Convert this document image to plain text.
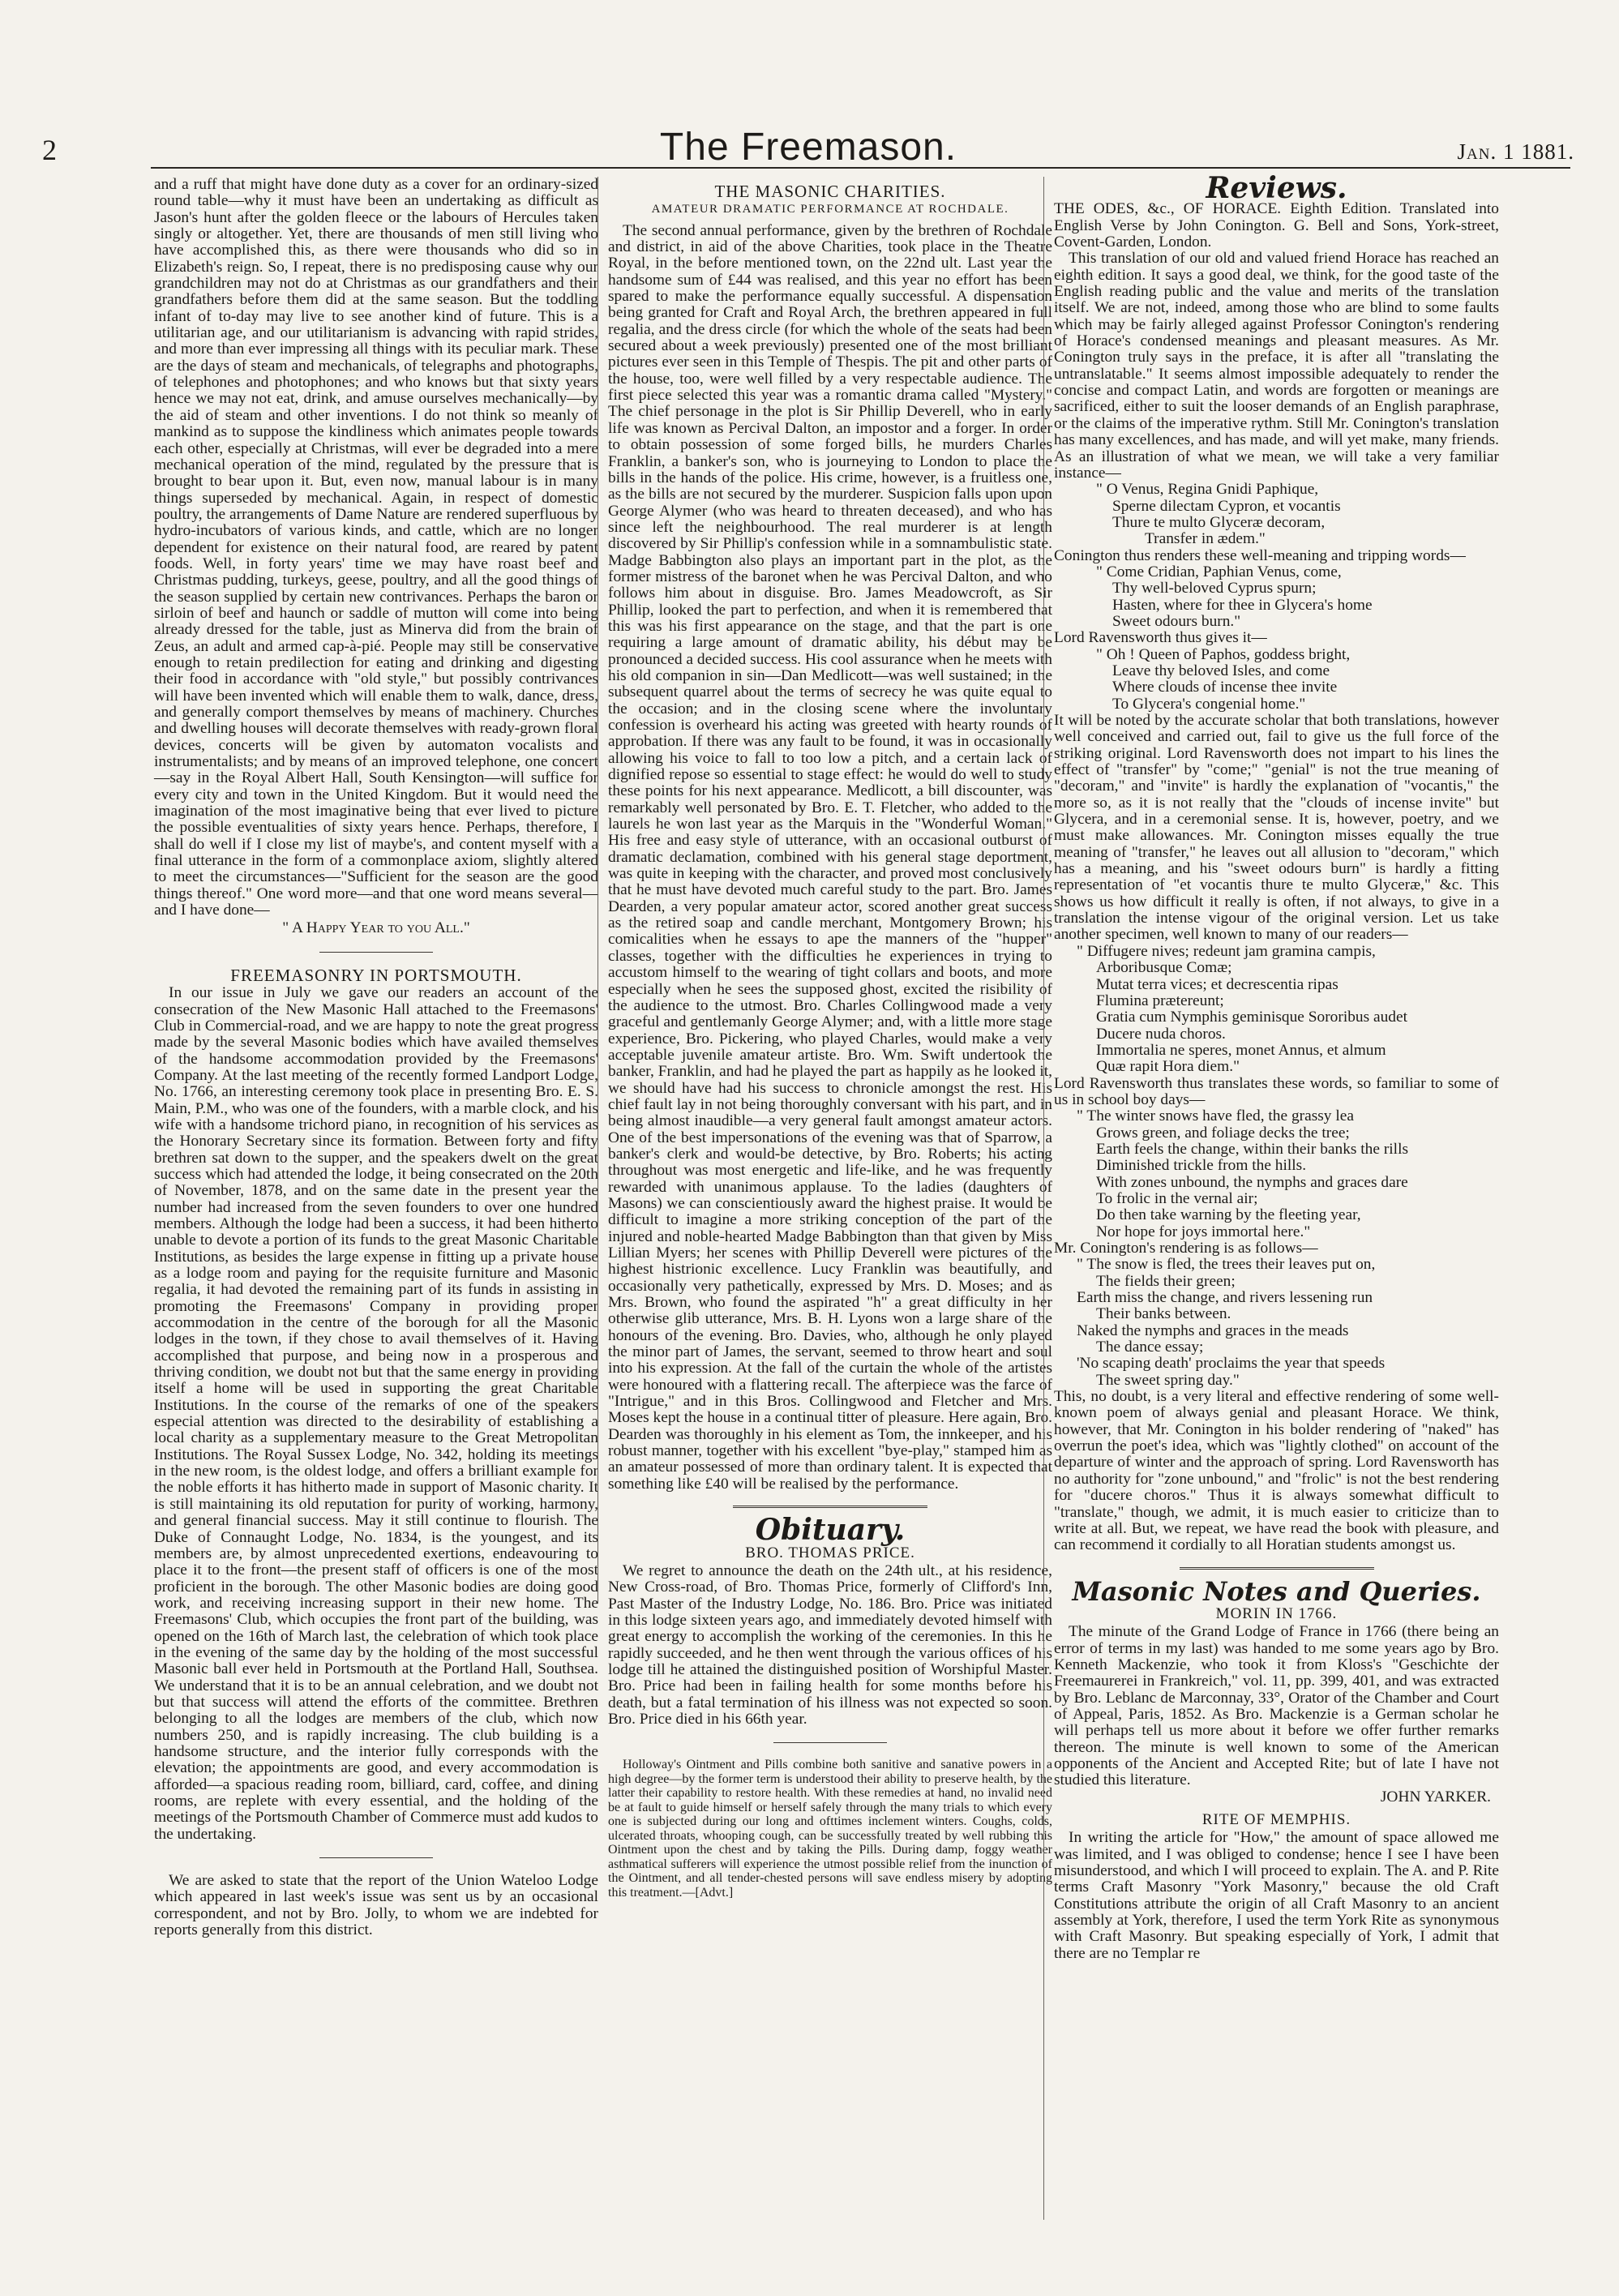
2	The Freemason.	Jan. 1 1881.

and a ruff that might have done duty as a cover for an ordinary-sized round table—why it must have been an undertaking as difficult as Jason's hunt after the golden fleece or the labours of Hercules taken singly or altogether. Yet, there are thousands of men still living who have accomplished this, as there were thousands who did so in Elizabeth's reign. So, I repeat, there is no predisposing cause why our grandchildren may not do at Christmas as our grandfathers and their grandfathers before them did at the same season. But the toddling infant of to-day may live to see another kind of future. This is a utilitarian age, and our utilitarianism is advancing with rapid strides, and more than ever impressing all things with its peculiar mark. These are the days of steam and mechanicals, of telegraphs and photographs, of telephones and photophones; and who knows but that sixty years hence we may not eat, drink, and amuse ourselves mechanically—by the aid of steam and other inventions. I do not think so meanly of mankind as to suppose the kindliness which animates people towards each other, especially at Christmas, will ever be degraded into a mere mechanical operation of the mind, regulated by the pressure that is brought to bear upon it. But, even now, manual labour is in many things superseded by mechanical. Again, in respect of domestic poultry, the arrangements of Dame Nature are rendered superfluous by hydro-incubators of various kinds, and cattle, which are no longer dependent for existence on their natural food, are reared by patent foods. Well, in forty years' time we may have roast beef and Christmas pudding, turkeys, geese, poultry, and all the good things of the season supplied by certain new contrivances. Perhaps the baron or sirloin of beef and haunch or saddle of mutton will come into being already dressed for the table, just as Minerva did from the brain of Zeus, an adult and armed cap-à-pié. People may still be conservative enough to retain predilection for eating and drinking and digesting their food in accordance with "old style," but possibly contrivances will have been invented which will enable them to walk, dance, dress, and generally comport themselves by means of machinery. Churches and dwelling houses will decorate themselves with ready-grown floral devices, concerts will be given by automaton vocalists and instrumentalists; and by means of an improved telephone, one concert—say in the Royal Albert Hall, South Kensington—will suffice for every city and town in the United Kingdom. But it would need the imagination of the most imaginative being that ever lived to picture the possible eventualities of sixty years hence. Perhaps, therefore, I shall do well if I close my list of maybe's, and content myself with a final utterance in the form of a commonplace axiom, slightly altered to meet the circumstances—"Sufficient for the season are the good things thereof." One word more—and that one word means several—and I have done—

" A Happy Year to you All."

FREEMASONRY IN PORTSMOUTH.

In our issue in July we gave our readers an account of the consecration of the New Masonic Hall attached to the Freemasons' Club in Commercial-road, and we are happy to note the great progress made by the several Masonic bodies which have availed themselves of the handsome accommodation provided by the Freemasons' Company. At the last meeting of the recently formed Landport Lodge, No. 1766, an interesting ceremony took place in presenting Bro. E. S. Main, P.M., who was one of the founders, with a marble clock, and his wife with a handsome trichord piano, in recognition of his services as the Honorary Secretary since its formation. Between forty and fifty brethren sat down to the supper, and the speakers dwelt on the great success which had attended the lodge, it being consecrated on the 20th of November, 1878, and on the same date in the present year the number had increased from the seven founders to over one hundred members. Although the lodge had been a success, it had been hitherto unable to devote a portion of its funds to the great Masonic Charitable Institutions, as besides the large expense in fitting up a private house as a lodge room and paying for the requisite furniture and Masonic regalia, it had devoted the remaining part of its funds in assisting in promoting the Freemasons' Company in providing proper accommodation in the centre of the borough for all the Masonic lodges in the town, if they chose to avail themselves of it. Having accomplished that purpose, and being now in a prosperous and thriving condition, we doubt not but that the same energy in providing itself a home will be used in supporting the great Charitable Institutions. In the course of the remarks of one of the speakers especial attention was directed to the desirability of establishing a local charity as a supplementary measure to the Great Metropolitan Institutions. The Royal Sussex Lodge, No. 342, holding its meetings in the new room, is the oldest lodge, and offers a brilliant example for the noble efforts it has hitherto made in support of Masonic charity. It is still maintaining its old reputation for purity of working, harmony, and general financial success. May it still continue to flourish. The Duke of Connaught Lodge, No. 1834, is the youngest, and its members are, by almost unprecedented exertions, endeavouring to place it to the front—the present staff of officers is one of the most proficient in the borough. The other Masonic bodies are doing good work, and receiving increasing support in their new home. The Freemasons' Club, which occupies the front part of the building, was opened on the 16th of March last, the celebration of which took place in the evening of the same day by the holding of the most successful Masonic ball ever held in Portsmouth at the Portland Hall, Southsea. We understand that it is to be an annual celebration, and we doubt not but that success will attend the efforts of the committee. Brethren belonging to all the lodges are members of the club, which now numbers 250, and is rapidly increasing. The club building is a handsome structure, and the interior fully corresponds with the elevation; the appointments are good, and every accommodation is afforded—a spacious reading room, billiard, card, coffee, and dining rooms, are replete with every essential, and the holding of the meetings of the Portsmouth Chamber of Commerce must add kudos to the undertaking.

We are asked to state that the report of the Union Wateloo Lodge which appeared in last week's issue was sent us by an occasional correspondent, and not by Bro. Jolly, to whom we are indebted for reports generally from this district.

THE MASONIC CHARITIES.
AMATEUR DRAMATIC PERFORMANCE AT ROCHDALE.

The second annual performance, given by the brethren of Rochdale and district, in aid of the above Charities, took place in the Theatre Royal, in the before mentioned town, on the 22nd ult. Last year the handsome sum of £44 was realised, and this year no effort has been spared to make the performance equally successful. A dispensation being granted for Craft and Royal Arch, the brethren appeared in full regalia, and the dress circle (for which the whole of the seats had been secured about a week previously) presented one of the most brilliant pictures ever seen in this Temple of Thespis. The pit and other parts of the house, too, were well filled by a very respectable audience. The first piece selected this year was a romantic drama called "Mystery." The chief personage in the plot is Sir Phillip Deverell, who in early life was known as Percival Dalton, an impostor and a forger. In order to obtain possession of some forged bills, he murders Charles Franklin, a banker's son, who is journeying to London to place the bills in the hands of the police. His crime, however, is a fruitless one, as the bills are not secured by the murderer. Suspicion falls upon upon George Alymer (who was heard to threaten deceased), and who has since left the neighbourhood. The real murderer is at length discovered by Sir Phillip's confession while in a somnambulistic state. Madge Babbington also plays an important part in the plot, as the former mistress of the baronet when he was Percival Dalton, and who follows him about in disguise. Bro. James Meadowcroft, as Sir Phillip, looked the part to perfection, and when it is remembered that this was his first appearance on the stage, and that the part is one requiring a large amount of dramatic ability, his début may be pronounced a decided success. His cool assurance when he meets with his old companion in sin—Dan Medlicott—was well sustained; in the subsequent quarrel about the terms of secrecy he was quite equal to the occasion; and in the closing scene where the involuntary confession is overheard his acting was greeted with hearty rounds of approbation. If there was any fault to be found, it was in occasionally allowing his voice to fall to too low a pitch, and a certain lack of dignified repose so essential to stage effect: he would do well to study these points for his next appearance. Medlicott, a bill discounter, was remarkably well personated by Bro. E. T. Fletcher, who added to the laurels he won last year as the Marquis in the "Wonderful Woman." His free and easy style of utterance, with an occasional outburst of dramatic declamation, combined with his general stage deportment, was quite in keeping with the character, and proved most conclusively that he must have devoted much careful study to the part. Bro. James Dearden, a very popular amateur actor, scored another great success as the retired soap and candle merchant, Montgomery Brown; his comicalities when he essays to ape the manners of the "hupper" classes, together with the difficulties he experiences in trying to accustom himself to the wearing of tight collars and boots, and more especially when he sees the supposed ghost, excited the risibility of the audience to the utmost. Bro. Charles Collingwood made a very graceful and gentlemanly George Alymer; and, with a little more stage experience, Bro. Pickering, who played Charles, would make a very acceptable juvenile amateur artiste. Bro. Wm. Swift undertook the banker, Franklin, and had he played the part as happily as he looked it, we should have had his success to chronicle amongst the rest. His chief fault lay in not being thoroughly conversant with his part, and in being almost inaudible—a very general fault amongst amateur actors. One of the best impersonations of the evening was that of Sparrow, a banker's clerk and would-be detective, by Bro. Roberts; his acting throughout was most energetic and life-like, and he was frequently rewarded with unanimous applause. To the ladies (daughters of Masons) we can conscientiously award the highest praise. It would be difficult to imagine a more striking conception of the part of the injured and noble-hearted Madge Babbington than that given by Miss Lillian Myers; her scenes with Phillip Deverell were pictures of the highest histrionic excellence. Lucy Franklin was beautifully, and occasionally very pathetically, expressed by Mrs. D. Moses; and as Mrs. Brown, who found the aspirated "h" a great difficulty in her otherwise glib utterance, Mrs. B. H. Lyons won a large share of the honours of the evening. Bro. Davies, who, although he only played the minor part of James, the servant, seemed to throw heart and soul into his expression. At the fall of the curtain the whole of the artistes were honoured with a flattering recall. The afterpiece was the farce of "Intrigue," and in this Bros. Collingwood and Fletcher and Mrs. Moses kept the house in a continual titter of pleasure. Here again, Bro. Dearden was thoroughly in his element as Tom, the innkeeper, and his robust manner, together with his excellent "bye-play," stamped him as an amateur possessed of more than ordinary talent. It is expected that something like £40 will be realised by the performance.

Obituary.
BRO. THOMAS PRICE.

We regret to announce the death on the 24th ult., at his residence, New Cross-road, of Bro. Thomas Price, formerly of Clifford's Inn, Past Master of the Industry Lodge, No. 186. Bro. Price was initiated in this lodge sixteen years ago, and immediately devoted himself with great energy to accomplish the working of the ceremonies. In this he rapidly succeeded, and he then went through the various offices of his lodge till he attained the distinguished position of Worshipful Master. Bro. Price had been in failing health for some months before his death, but a fatal termination of his illness was not expected so soon. Bro. Price died in his 66th year.

Holloway's Ointment and Pills combine both sanitive and sanative powers in a high degree—by the former term is understood their ability to preserve health, by the latter their capability to restore health. With these remedies at hand, no invalid need be at fault to guide himself or herself safely through the many trials to which every one is subjected during our long and ofttimes inclement winters. Coughs, colds, ulcerated throats, whooping cough, can be successfully treated by well rubbing this Ointment upon the chest and by taking the Pills. During damp, foggy weather asthmatical sufferers will experience the utmost possible relief from the inunction of the Ointment, and all tender-chested persons will save endless misery by adopting this treatment.—[Advt.]

Reviews.

THE ODES, &c., OF HORACE. Eighth Edition. Translated into English Verse by John Conington. G. Bell and Sons, York-street, Covent-Garden, London.

This translation of our old and valued friend Horace has reached an eighth edition. It says a good deal, we think, for the good taste of the English reading public and the value and merits of the translation itself. We are not, indeed, among those who are blind to some faults which may be fairly alleged against Professor Conington's rendering of Horace's condensed meanings and pleasant measures. As Mr. Conington truly says in the preface, it is after all "translating the untranslatable." It seems almost impossible adequately to render the concise and compact Latin, and words are forgotten or meanings are sacrificed, either to suit the looser demands of an English paraphrase, or the claims of the imperative rythm. Still Mr. Conington's translation has many excellences, and has made, and will yet make, many friends. As an illustration of what we mean, we will take a very familiar instance—

" O Venus, Regina Gnidi Paphique,
Sperne dilectam Cypron, et vocantis
Thure te multo Glyceræ decoram,
Transfer in ædem."

Conington thus renders these well-meaning and tripping words—

" Come Cridian, Paphian Venus, come,
Thy well-beloved Cyprus spurn;
Hasten, where for thee in Glycera's home
Sweet odours burn."

Lord Ravensworth thus gives it—

" Oh ! Queen of Paphos, goddess bright,
Leave thy beloved Isles, and come
Where clouds of incense thee invite
To Glycera's congenial home."

It will be noted by the accurate scholar that both translations, however well conceived and carried out, fail to give us the full force of the striking original. Lord Ravensworth does not impart to his lines the effect of "transfer" by "come;" "genial" is not the true meaning of "decoram," and "invite" is hardly the explanation of "vocantis," the more so, as it is not really that the "clouds of incense invite" but Glycera, and in a ceremonial sense. It is, however, poetry, and we must make allowances. Mr. Conington misses equally the true meaning of "transfer," he leaves out all allusion to "decoram," which has a meaning, and his "sweet odours burn" is hardly a fitting representation of "et vocantis thure te multo Glyceræ," &c. This shows us how difficult it really is often, if not always, to give in a translation the intense vigour of the original version. Let us take another specimen, well known to many of our readers—

" Diffugere nives; redeunt jam gramina campis,
Arboribusque Comæ;
Mutat terra vices; et decrescentia ripas
Flumina prætereunt;
Gratia cum Nymphis geminisque Sororibus audet
Ducere nuda choros.
Immortalia ne speres, monet Annus, et almum
Quæ rapit Hora diem."

Lord Ravensworth thus translates these words, so familiar to some of us in school boy days—

" The winter snows have fled, the grassy lea
Grows green, and foliage decks the tree;
Earth feels the change, within their banks the rills
Diminished trickle from the hills.
With zones unbound, the nymphs and graces dare
To frolic in the vernal air;
Do then take warning by the fleeting year,
Nor hope for joys immortal here."

Mr. Conington's rendering is as follows—

" The snow is fled, the trees their leaves put on,
The fields their green;
Earth miss the change, and rivers lessening run
Their banks between.
Naked the nymphs and graces in the meads
The dance essay;
'No scaping death' proclaims the year that speeds
The sweet spring day."

This, no doubt, is a very literal and effective rendering of some well-known poem of always genial and pleasant Horace. We think, however, that Mr. Conington in his bolder rendering of "naked" has overrun the poet's idea, which was "lightly clothed" on account of the departure of winter and the approach of spring. Lord Ravensworth has no authority for "zone unbound," and "frolic" is not the best rendering for "ducere choros." Thus it is always somewhat difficult to "translate," though, we admit, it is much easier to criticize than to write at all. But, we repeat, we have read the book with pleasure, and can recommend it cordially to all Horatian students amongst us.

Masonic Notes and Queries.
MORIN IN 1766.

The minute of the Grand Lodge of France in 1766 (there being an error of terms in my last) was handed to me some years ago by Bro. Kenneth Mackenzie, who took it from Kloss's "Geschichte der Freemaurerei in Frankreich," vol. 11, pp. 399, 401, and was extracted by Bro. Leblanc de Marconnay, 33°, Orator of the Chamber and Court of Appeal, Paris, 1852. As Bro. Mackenzie is a German scholar he will perhaps tell us more about it before we offer further remarks thereon. The minute is well known to some of the American opponents of the Ancient and Accepted Rite; but of late I have not studied this literature.

JOHN YARKER.

RITE OF MEMPHIS.

In writing the article for "How," the amount of space allowed me was limited, and I was obliged to condense; hence I see I have been misunderstood, and which I will proceed to explain. The A. and P. Rite terms Craft Masonry "York Masonry," because the old Craft Constitutions attribute the origin of all Craft Masonry to an ancient assembly at York, therefore, I used the term York Rite as synonymous with Craft Masonry. But speaking especially of York, I admit that there are no Templar re
